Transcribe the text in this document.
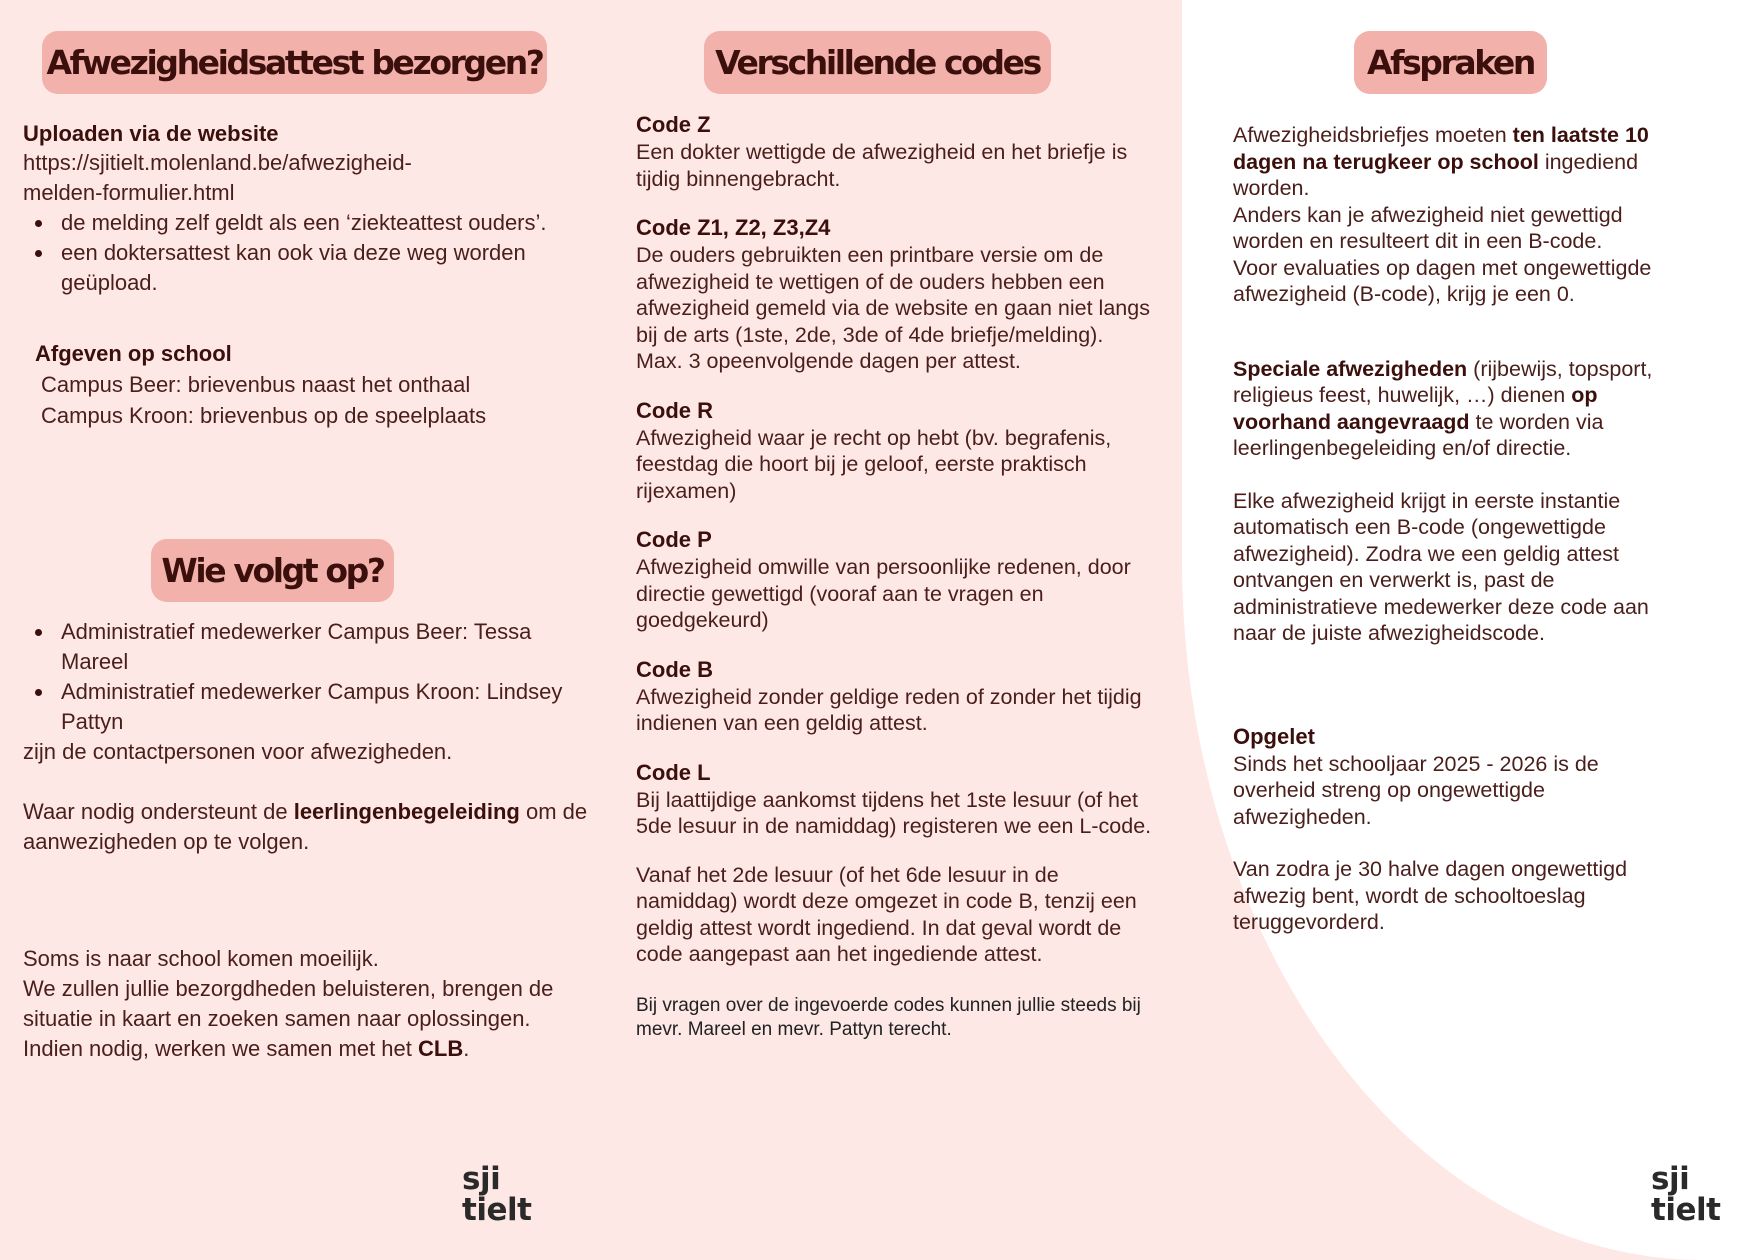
Afwezigheidsattest bezorgen?
Uploaden via de website
https://sjitielt.molenland.be/afwezigheid-
melden-formulier.html
de melding zelf geldt als een ‘ziekteattest ouders’.
een doktersattest kan ook via deze weg worden geüpload.
Afgeven op school
Campus Beer: brievenbus naast het onthaal
Campus Kroon: brievenbus op de speelplaats
Wie volgt op?
Administratief medewerker Campus Beer: Tessa Mareel
Administratief medewerker Campus Kroon: Lindsey Pattyn
zijn de contactpersonen voor afwezigheden.
Waar nodig ondersteunt de leerlingenbegeleiding om de aanwezigheden op te volgen.
Soms is naar school komen moeilijk.
We zullen jullie bezorgdheden beluisteren, brengen de situatie in kaart en zoeken samen naar oplossingen.
Indien nodig, werken we samen met het CLB.
sji
tielt
Verschillende codes
Code Z
Een dokter wettigde de afwezigheid en het briefje is tijdig binnengebracht.
Code Z1, Z2, Z3,Z4
De ouders gebruikten een printbare versie om de afwezigheid te wettigen of de ouders hebben een afwezigheid gemeld via de website en gaan niet langs bij de arts (1ste, 2de, 3de of 4de briefje/melding).
Max. 3 opeenvolgende dagen per attest.
Code R
Afwezigheid waar je recht op hebt (bv. begrafenis, feestdag die hoort bij je geloof, eerste praktisch rijexamen)
Code P
Afwezigheid omwille van persoonlijke redenen, door directie gewettigd (vooraf aan te vragen en goedgekeurd)
Code B
Afwezigheid zonder geldige reden of zonder het tijdig indienen van een geldig attest.
Code L
Bij laattijdige aankomst tijdens het 1ste lesuur (of het 5de lesuur in de namiddag) registeren we een L-code.
Vanaf het 2de lesuur (of het 6de lesuur in de namiddag) wordt deze omgezet in code B, tenzij een geldig attest wordt ingediend. In dat geval wordt de code aangepast aan het ingediende attest.
Bij vragen over de ingevoerde codes kunnen jullie steeds bij mevr. Mareel en mevr. Pattyn terecht.
Afspraken
Afwezigheidsbriefjes moeten ten laatste 10 dagen na terugkeer op school ingediend worden.
Anders kan je afwezigheid niet gewettigd worden en resulteert dit in een B-code.
Voor evaluaties op dagen met ongewettigde afwezigheid (B-code), krijg je een 0.
Speciale afwezigheden (rijbewijs, topsport, religieus feest, huwelijk, …) dienen op voorhand aangevraagd te worden via leerlingenbegeleiding en/of directie.
Elke afwezigheid krijgt in eerste instantie automatisch een B-code (ongewettigde afwezigheid). Zodra we een geldig attest ontvangen en verwerkt is, past de administratieve medewerker deze code aan naar de juiste afwezigheidscode.
Opgelet
Sinds het schooljaar 2025 - 2026 is de overheid streng op ongewettigde afwezigheden.
Van zodra je 30 halve dagen ongewettigd afwezig bent, wordt de schooltoeslag teruggevorderd.
sji
tielt
